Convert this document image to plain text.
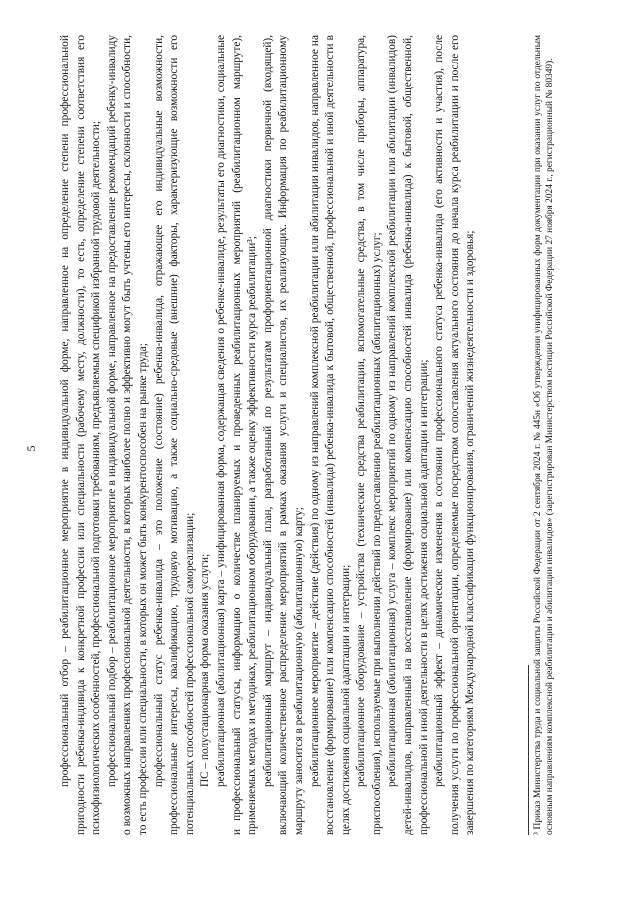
5 профессиональный отбор – реабилитационное мероприятие в индивидуальной форме, направленное на определение степени профессиональной пригодности ребенка-индивида к конкретной профессии или специальности (рабочему месту, должности), то есть, определение степени соответствия его психофизиологических особенностей, профессиональной подготовки требованиям, предъявляемым спецификой избранной трудовой деятельности; профессиональный подбор – реабилитационное мероприятие в индивидуальной форме, направленное на предоставление рекомендаций ребенку-инвалиду о возможных направлениях профессиональной деятельности, в которых наиболее полно и эффективно могут быть учтены его интересы, склонности и способности, то есть профессии или специальности, в которых он может быть конкурентоспособен на рынке труда; профессиональный статус ребенка-инвалида – это положение (состояние) ребенка-инвалида, отражающее его индивидуальные возможности, профессиональные интересы, квалификацию, трудовую мотивацию, а также социально-средовые (внешние) факторы, характеризующие возможности его потенциальных способностей профессиональной самореализации; ПС – полустационарная форма оказания услуги; реабилитационная (абилитационная) карта – унифицированная форма, содержащая сведения о ребенке-инвалиде, результаты его диагностики, социальные и профессиональный статусы, информацию о количестве планируемых и проведенных реабилитационных мероприятий (реабилитационном маршруте), применяемых методах и методиках, реабилитационном оборудовании, а также оценку эффективности курса реабилитации³; реабилитационный маршрут – индивидуальный план, разработанный по результатам профориентационной диагностики первичной (входящей), включающий количественное распределение мероприятий в рамках оказания услуги и специалистов, их реализующих. Информация по реабилитационному маршруту заносится в реабилитационную (абилитационную) карту; реабилитационное мероприятие – действие (действия) по одному из направлений комплексной реабилитации или абилитации инвалидов, направленное на восстановление (формирование) или компенсацию способностей (инвалида) ребенка-инвалида к бытовой, общественной, профессиональной и иной деятельности в целях достижения социальной адаптации и интеграции; реабилитационное оборудование – устройства (технические средства реабилитации, вспомогательные средства, в том числе приборы, аппаратура, приспособления), используемые при выполнении действий по предоставлению реабилитационных (абилитационных) услуг; реабилитационная (абилитационная) услуга – комплекс мероприятий по одному из направлений комплексной реабилитации или абилитации (инвалидов) детей-инвалидов, направленный на восстановление (формирование) или компенсацию способностей инвалида (ребенка-инвалида) к бытовой, общественной, профессиональной и иной деятельности в целях достижения социальной адаптации и интеграции; реабилитационный эффект – динамические изменения в состоянии профессионального статуса ребенка-инвалида (его активности и участия), после получения услуги по профессиональной ориентации, определяемые посредством сопоставления актуального состояния до начала курса реабилитации и после его завершения по категориям Международной классификации функционирования, ограничений жизнедеятельности и здоровья;	³ Приказ Министерства труда и социальной защиты Российской Федерации от 2 сентября 2024 г. № 445н «Об утверждении унифицированных форм документации при оказании услуг по отдельным основным направлениям комплексной реабилитации и абилитации инвалидов» (зарегистрирован Министерством юстиции Российской Федерации 27 ноября 2024 г., регистрационный № 80349).
